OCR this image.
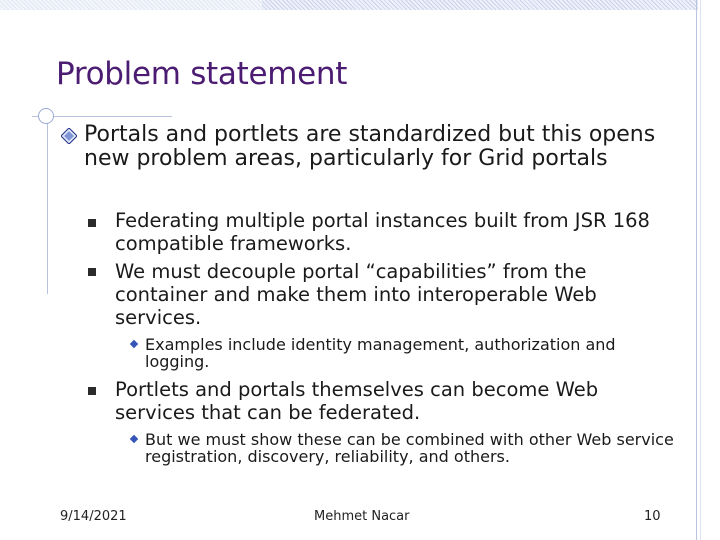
Problem statement
Portals and portlets are standardized but this opens new problem areas, particularly for Grid portals
Federating multiple portal instances built from JSR 168 compatible frameworks.
We must decouple portal “capabilities” from the container and make them into interoperable Web services.
Examples include identity management, authorization and logging.
Portlets and portals themselves can become Web services that can be federated.
But we must show these can be combined with other Web service registration, discovery, reliability, and others.
9/14/2021	Mehmet Nacar	10
